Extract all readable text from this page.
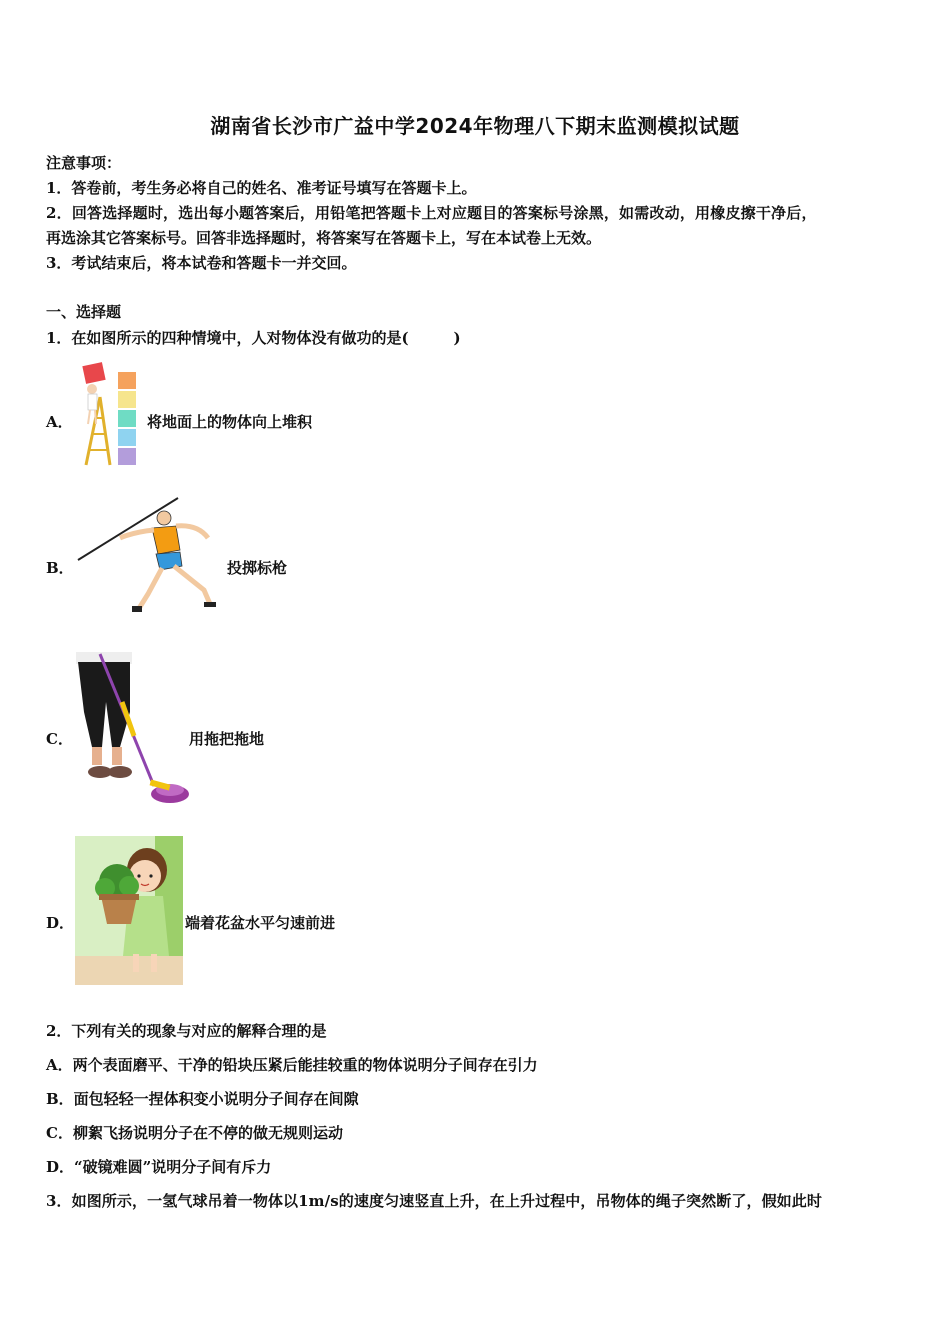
湖南省长沙市广益中学2024年物理八下期末监测模拟试题
注意事项：
1．答卷前，考生务必将自己的姓名、准考证号填写在答题卡上。
2．回答选择题时，选出每小题答案后，用铅笔把答题卡上对应题目的答案标号涂黑，如需改动，用橡皮擦干净后，
再选涂其它答案标号。回答非选择题时，将答案写在答题卡上，写在本试卷上无效。
3．考试结束后，将本试卷和答题卡一并交回。
一、选择题
1．在如图所示的四种情境中，人对物体没有做功的是(　　　)
A．	将地面上的物体向上堆积
B．	投掷标枪
C．	用拖把拖地
D．	端着花盆水平匀速前进
2．下列有关的现象与对应的解释合理的是
A．两个表面磨平、干净的铅块压紧后能挂较重的物体说明分子间存在引力
B．面包轻轻一捏体积变小说明分子间存在间隙
C．柳絮飞扬说明分子在不停的做无规则运动
D．“破镜难圆”说明分子间有斥力
3．如图所示，一氢气球吊着一物体以1m/s的速度匀速竖直上升，在上升过程中，吊物体的绳子突然断了，假如此时
